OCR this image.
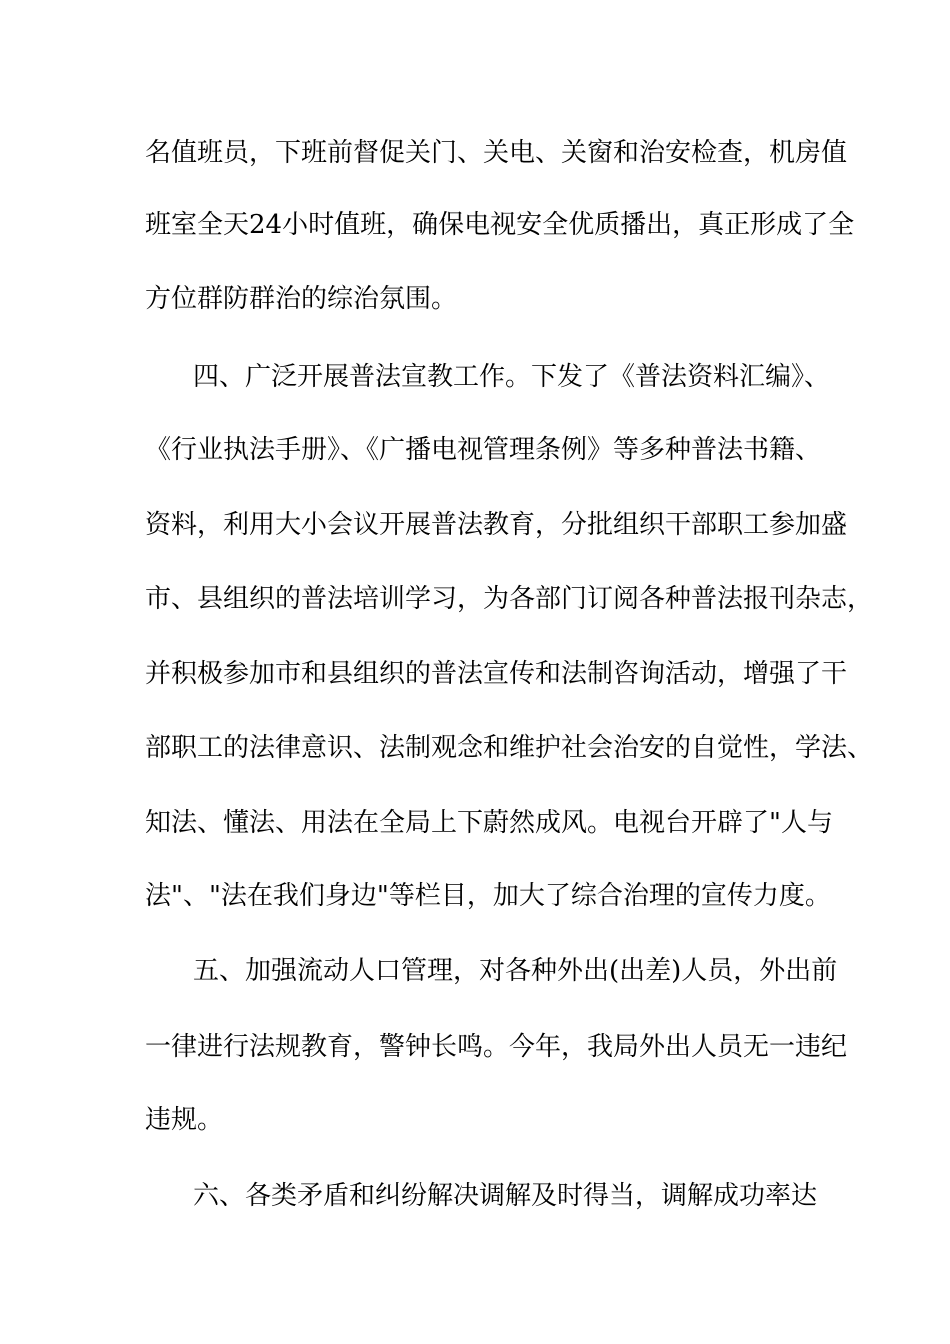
名值班员，下班前督促关门、关电、关窗和治安检查，机房值
班室全天24小时值班，确保电视安全优质播出，真正形成了全
方位群防群治的综治氛围。
四、广泛开展普法宣教工作。下发了《普法资料汇编》、
《行业执法手册》、《广播电视管理条例》等多种普法书籍、
资料，利用大小会议开展普法教育，分批组织干部职工参加盛
市、县组织的普法培训学习，为各部门订阅各种普法报刊杂志，
并积极参加市和县组织的普法宣传和法制咨询活动，增强了干
部职工的法律意识、法制观念和维护社会治安的自觉性，学法、
知法、懂法、用法在全局上下蔚然成风。电视台开辟了"人与
法"、"法在我们身边"等栏目，加大了综合治理的宣传力度。
五、加强流动人口管理，对各种外出(出差)人员，外出前
一律进行法规教育，警钟长鸣。今年，我局外出人员无一违纪
违规。
六、各类矛盾和纠纷解决调解及时得当，调解成功率达
